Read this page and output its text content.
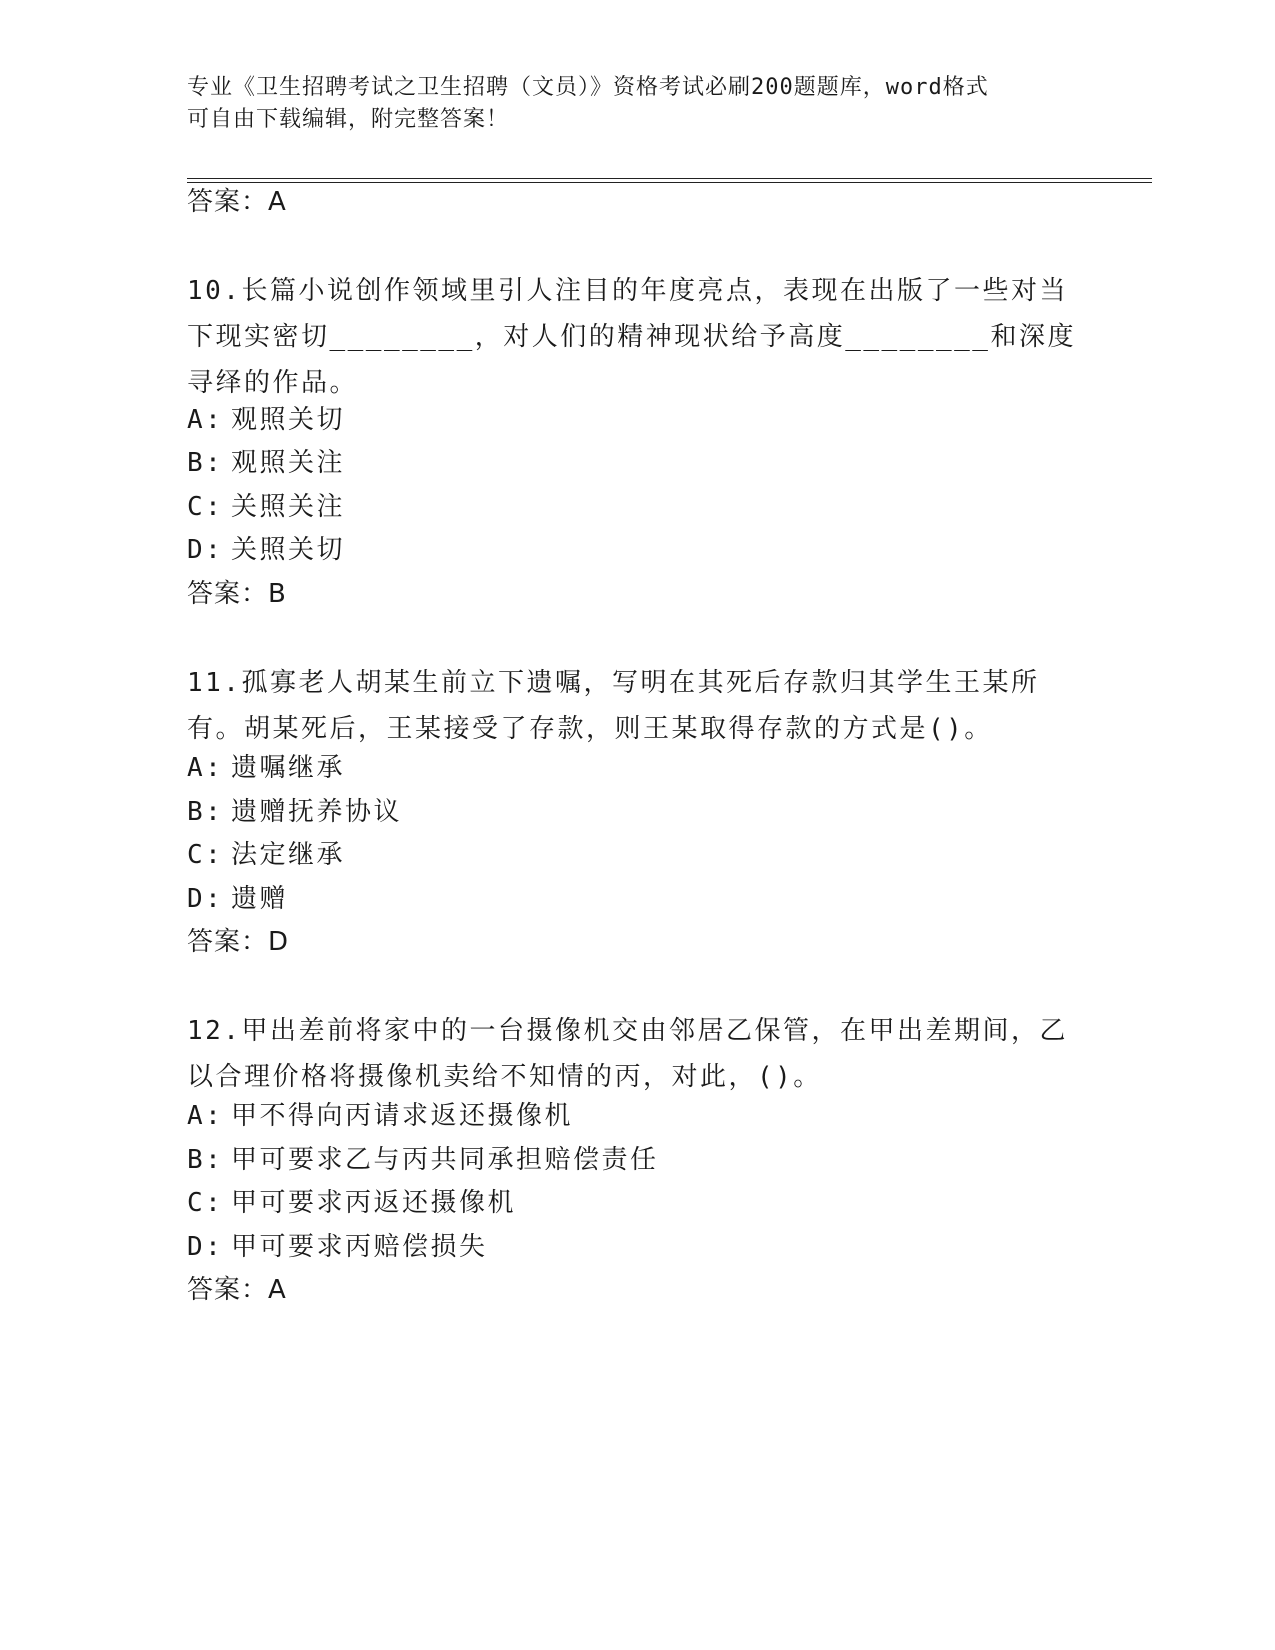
专业《卫生招聘考试之卫生招聘（文员）》资格考试必刷200题题库，word格式
可自由下载编辑，附完整答案！
答案：A
10.长篇小说创作领域里引人注目的年度亮点，表现在出版了一些对当下现实密切________，对人们的精神现状给予高度________和深度寻绎的作品。
A: 观照关切
B: 观照关注
C: 关照关注
D: 关照关切
答案：B
11.孤寡老人胡某生前立下遗嘱，写明在其死后存款归其学生王某所有。胡某死后，王某接受了存款，则王某取得存款的方式是()。
A: 遗嘱继承
B: 遗赠抚养协议
C: 法定继承
D: 遗赠
答案：D
12.甲出差前将家中的一台摄像机交由邻居乙保管，在甲出差期间，乙以合理价格将摄像机卖给不知情的丙，对此，()。
A: 甲不得向丙请求返还摄像机
B: 甲可要求乙与丙共同承担赔偿责任
C: 甲可要求丙返还摄像机
D: 甲可要求丙赔偿损失
答案：A
